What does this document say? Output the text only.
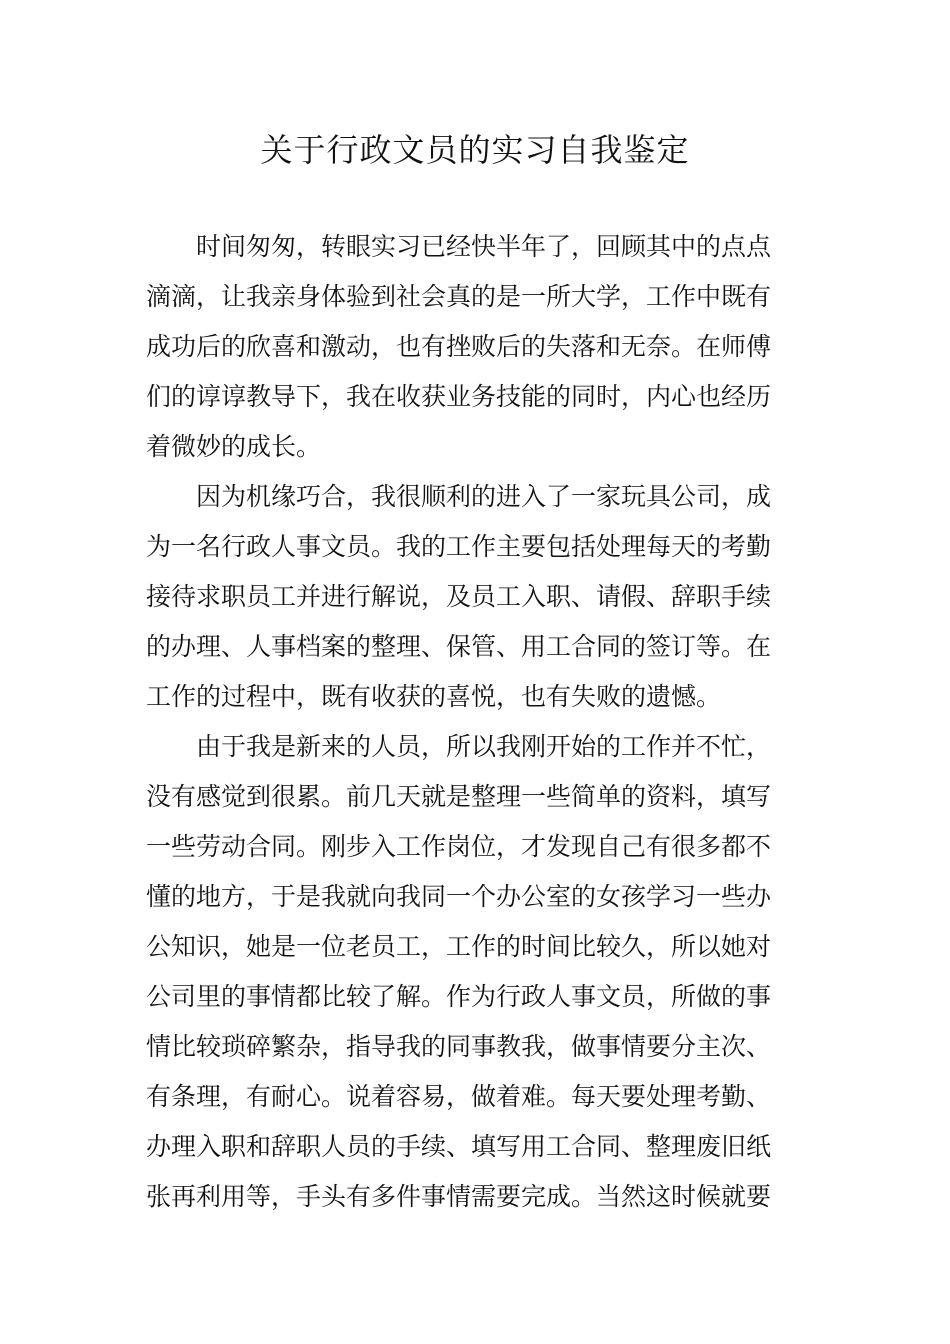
关于行政文员的实习自我鉴定
时间匆匆，转眼实习已经快半年了，回顾其中的点点
滴滴，让我亲身体验到社会真的是一所大学，工作中既有
成功后的欣喜和激动，也有挫败后的失落和无奈。在师傅
们的谆谆教导下，我在收获业务技能的同时，内心也经历
着微妙的成长。
因为机缘巧合，我很顺利的进入了一家玩具公司，成
为一名行政人事文员。我的工作主要包括处理每天的考勤
接待求职员工并进行解说，及员工入职、请假、辞职手续
的办理、人事档案的整理、保管、用工合同的签订等。在
工作的过程中，既有收获的喜悦，也有失败的遗憾。
由于我是新来的人员，所以我刚开始的工作并不忙，
没有感觉到很累。前几天就是整理一些简单的资料，填写
一些劳动合同。刚步入工作岗位，才发现自己有很多都不
懂的地方，于是我就向我同一个办公室的女孩学习一些办
公知识，她是一位老员工，工作的时间比较久，所以她对
公司里的事情都比较了解。作为行政人事文员，所做的事
情比较琐碎繁杂，指导我的同事教我，做事情要分主次、
有条理，有耐心。说着容易，做着难。每天要处理考勤、
办理入职和辞职人员的手续、填写用工合同、整理废旧纸
张再利用等，手头有多件事情需要完成。当然这时候就要
